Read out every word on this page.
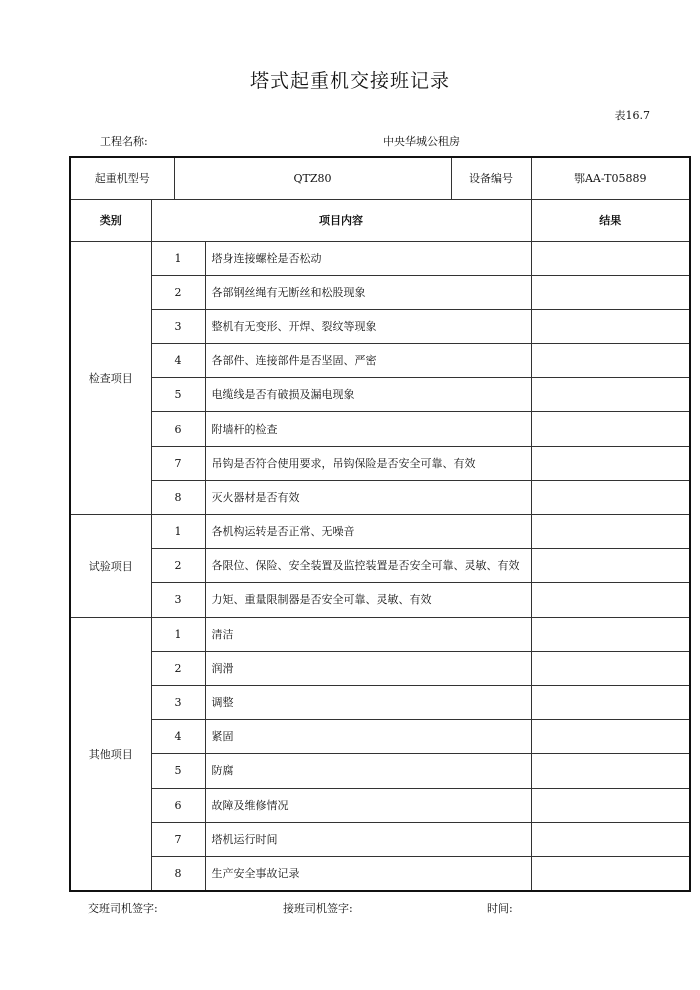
塔式起重机交接班记录
表16.7
工程名称:	中央华城公租房
起重机型号		QTZ80		设备编号	鄂AA-T05889
类别	项目内容				结果
检查项目	1		塔身连接螺栓是否松动		
	2		各部钢丝绳有无断丝和松股现象		
	3		整机有无变形、开焊、裂纹等现象		
	4		各部件、连接部件是否坚固、严密		
	5		电缆线是否有破损及漏电现象		
	6		附墙杆的检查		
	7		吊钩是否符合使用要求，吊钩保险是否安全可靠、有效		
	8		灭火器材是否有效		
试验项目	1		各机构运转是否正常、无噪音		
	2		各限位、保险、安全装置及监控装置是否安全可靠、灵敏、有效		
	3		力矩、重量限制器是否安全可靠、灵敏、有效		
其他项目	1		清洁		
	2		润滑		
	3		调整		
	4		紧固		
	5		防腐		
	6		故障及维修情况		
	7		塔机运行时间		
	8		生产安全事故记录		
交班司机签字:	接班司机签字:	时间:
